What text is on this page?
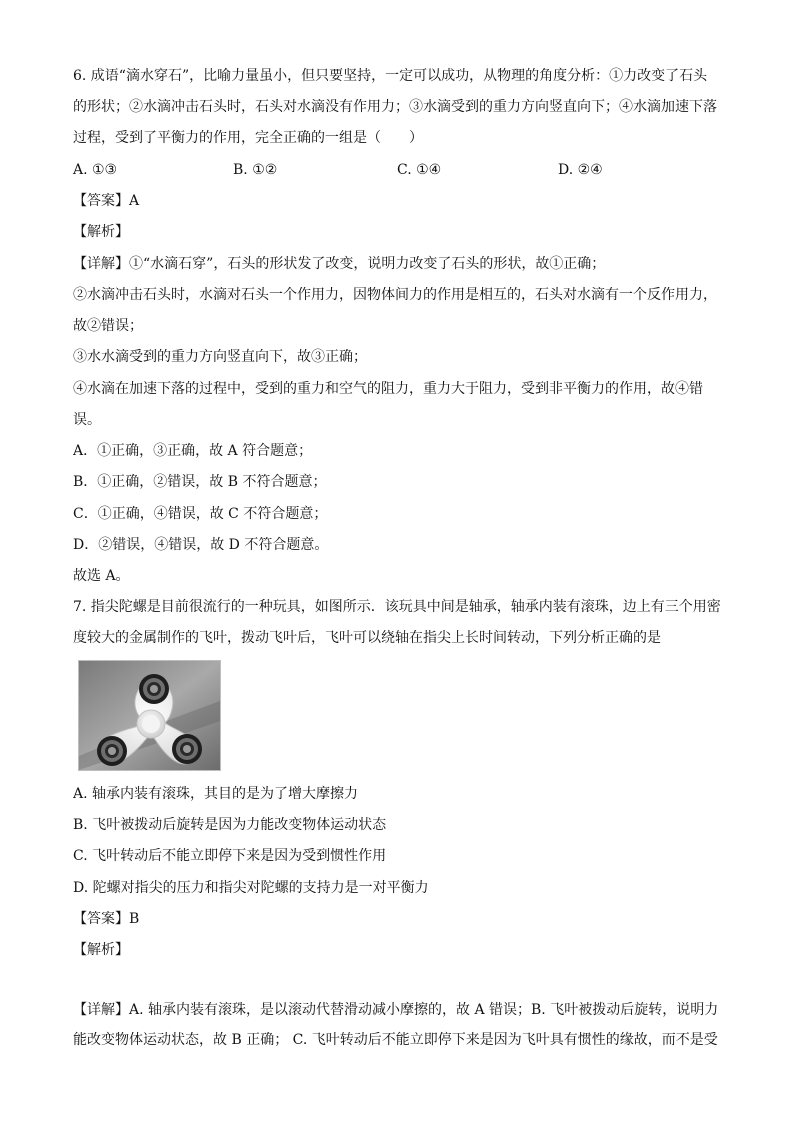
6. 成语“滴水穿石”，比喻力量虽小，但只要坚持，一定可以成功，从物理的角度分析：①力改变了石头
的形状；②水滴冲击石头时，石头对水滴没有作用力；③水滴受到的重力方向竖直向下；④水滴加速下落
过程，受到了平衡力的作用，完全正确的一组是（　　）
A. ①③	B. ①②	C. ①④	D. ②④
【答案】A
【解析】
【详解】①“水滴石穿”，石头的形状发了改变，说明力改变了石头的形状，故①正确；
②水滴冲击石头时，水滴对石头一个作用力，因物体间力的作用是相互的，石头对水滴有一个反作用力，
故②错误；
③水水滴受到的重力方向竖直向下，故③正确；
④水滴在加速下落的过程中，受到的重力和空气的阻力，重力大于阻力，受到非平衡力的作用，故④错
误。
A．①正确，③正确，故 A 符合题意；
B．①正确，②错误，故 B 不符合题意；
C．①正确，④错误，故 C 不符合题意；
D．②错误，④错误，故 D 不符合题意。
故选 A。
7. 指尖陀螺是目前很流行的一种玩具，如图所示．该玩具中间是轴承，轴承内装有滚珠，边上有三个用密
度较大的金属制作的飞叶，拨动飞叶后，飞叶可以绕轴在指尖上长时间转动，下列分析正确的是
A. 轴承内装有滚珠，其目的是为了增大摩擦力
B. 飞叶被拨动后旋转是因为力能改变物体运动状态
C. 飞叶转动后不能立即停下来是因为受到惯性作用
D. 陀螺对指尖的压力和指尖对陀螺的支持力是一对平衡力
【答案】B
【解析】
【详解】A. 轴承内装有滚珠，是以滚动代替滑动减小摩擦的，故 A 错误；B. 飞叶被拨动后旋转，说明力
能改变物体运动状态，故 B 正确； C. 飞叶转动后不能立即停下来是因为飞叶具有惯性的缘故，而不是受
